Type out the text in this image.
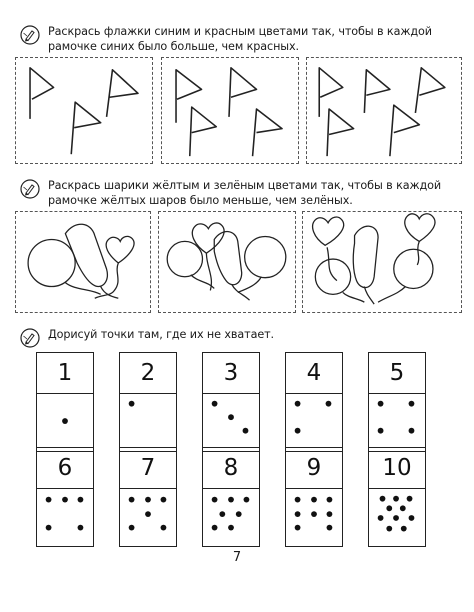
Раскрась флажки синим и красным цветами так, чтобы в каждой рамочке синих было больше, чем красных.
Раскрась шарики жёлтым и зелёным цветами так, чтобы в каждой рамочке жёлтых шаров было меньше, чем зелёных.
Дорисуй точки там, где их не хватает.
1	2	3	4	5
6	7	8	9	10
7
